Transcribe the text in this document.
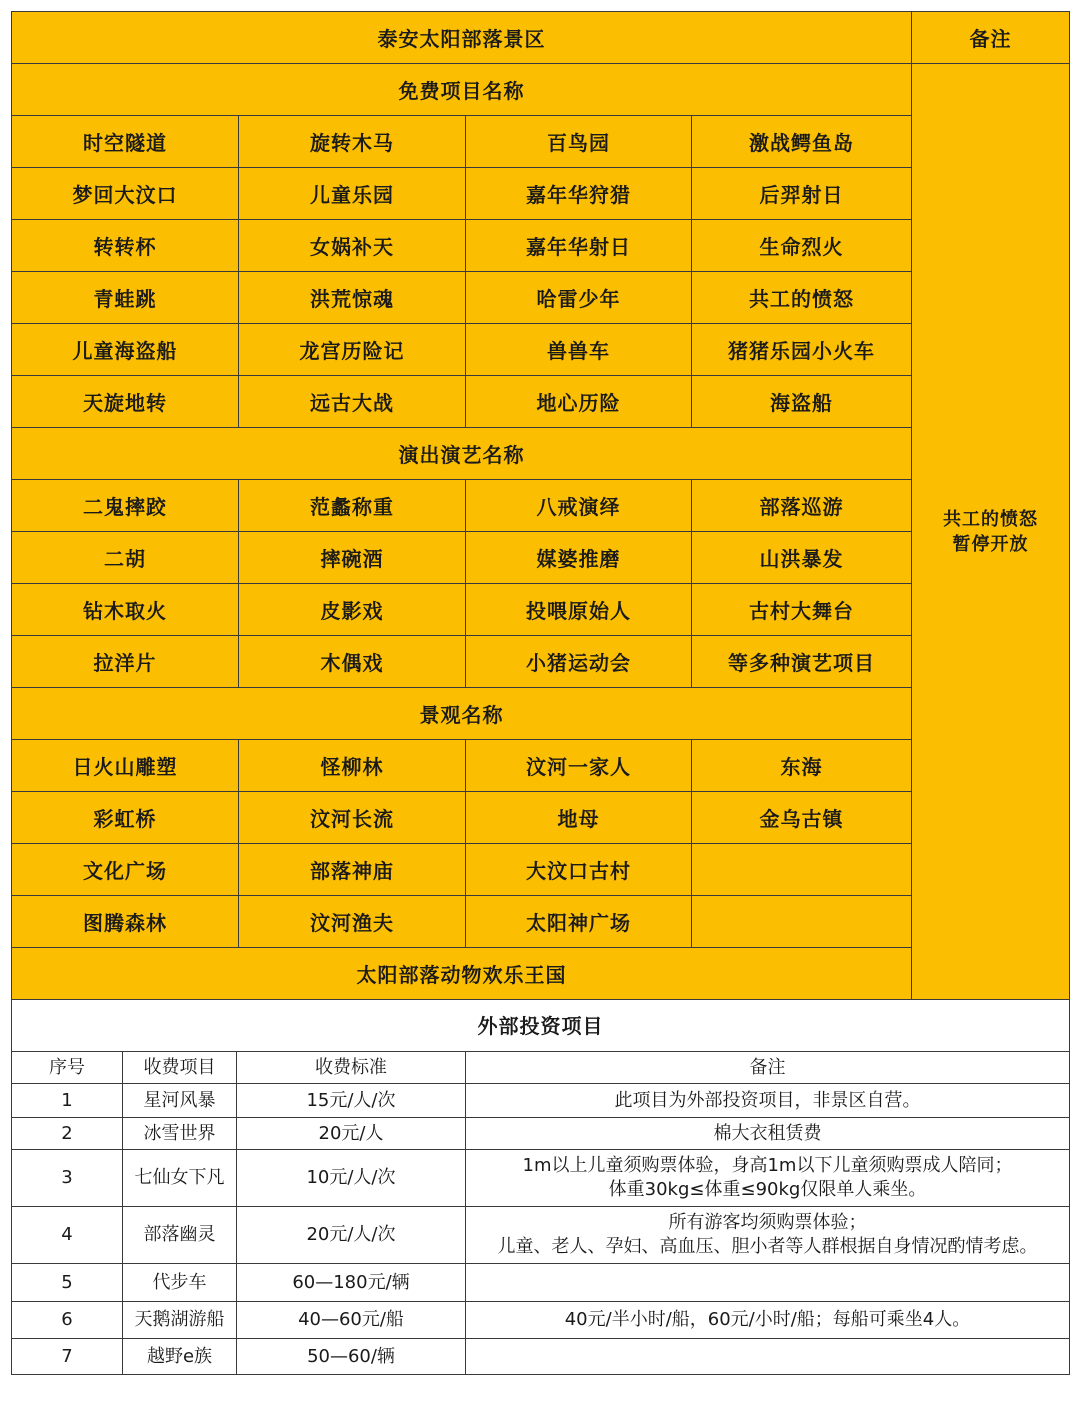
泰安太阳部落景区				备注
免费项目名称				共工的愤怒
暂停开放

时空隧道	旋转木马	百鸟园	激战鳄鱼岛	
梦回大汶口	儿童乐园	嘉年华狩猎	后羿射日	
转转杯	女娲补天	嘉年华射日	生命烈火	
青蛙跳	洪荒惊魂	哈雷少年	共工的愤怒	
儿童海盗船	龙宫历险记	兽兽车	猪猪乐园小火车	
天旋地转	远古大战	地心历险	海盗船	
演出演艺名称				
二鬼摔跤	范蠡称重	八戒演绎	部落巡游	
二胡	摔碗酒	媒婆推磨	山洪暴发	
钻木取火	皮影戏	投喂原始人	古村大舞台	
拉洋片	木偶戏	小猪运动会	等多种演艺项目	
景观名称				
日火山雕塑	怪柳林	汶河一家人	东海	
彩虹桥	汶河长流	地母	金乌古镇	
文化广场	部落神庙	大汶口古村		
图腾森林	汶河渔夫	太阳神广场		
太阳部落动物欢乐王国				
外部投资项目			
序号	收费项目	收费标准	备注
1	星河风暴	15元/人/次	此项目为外部投资项目，非景区自营。

2	冰雪世界	20元/人	棉大衣租赁费

3	七仙女下凡	10元/人/次	1m以上儿童须购票体验，身高1m以下儿童须购票成人陪同；
体重30kg≤体重≤90kg仅限单人乘坐。

4	部落幽灵	20元/人/次	所有游客均须购票体验；
儿童、老人、孕妇、高血压、胆小者等人群根据自身情况酌情考虑。

5	代步车	60—180元/辆	

6	天鹅湖游船	40—60元/船	40元/半小时/船，60元/小时/船；每船可乘坐4人。

7	越野e族	50—60/辆	
